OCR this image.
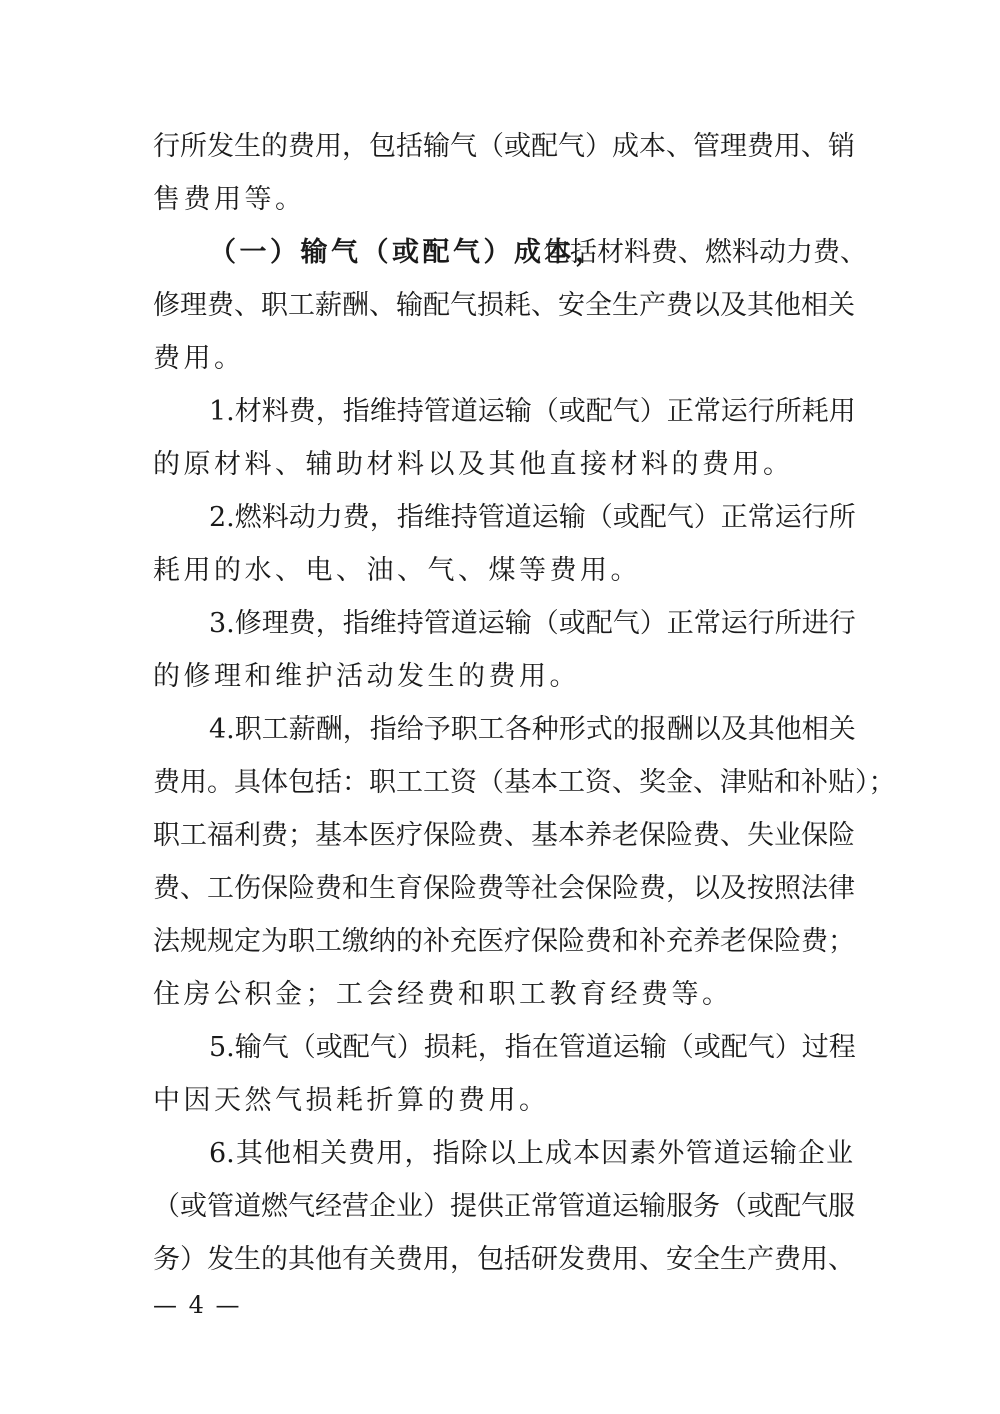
行所发生的费用，包括输气（或配气）成本、管理费用、销
售费用等。
（一）输气（或配气）成本，
包括材料费、燃料动力费、
修理费、职工薪酬、输配气损耗、安全生产费以及其他相关
费用。
1.材料费，指维持管道运输（或配气）正常运行所耗用
的原材料、辅助材料以及其他直接材料的费用。
2.燃料动力费，指维持管道运输（或配气）正常运行所
耗用的水、电、油、气、煤等费用。
3.修理费，指维持管道运输（或配气）正常运行所进行
的修理和维护活动发生的费用。
4.职工薪酬，指给予职工各种形式的报酬以及其他相关
费用。具体包括：职工工资（基本工资、奖金、津贴和补贴）；
职工福利费；基本医疗保险费、基本养老保险费、失业保险
费、工伤保险费和生育保险费等社会保险费，以及按照法律
法规规定为职工缴纳的补充医疗保险费和补充养老保险费；
住房公积金；工会经费和职工教育经费等。
5.输气（或配气）损耗，指在管道运输（或配气）过程
中因天然气损耗折算的费用。
6.其他相关费用，指除以上成本因素外管道运输企业
（或管道燃气经营企业）提供正常管道运输服务（或配气服
务）发生的其他有关费用，包括研发费用、安全生产费用、
— 4 —
